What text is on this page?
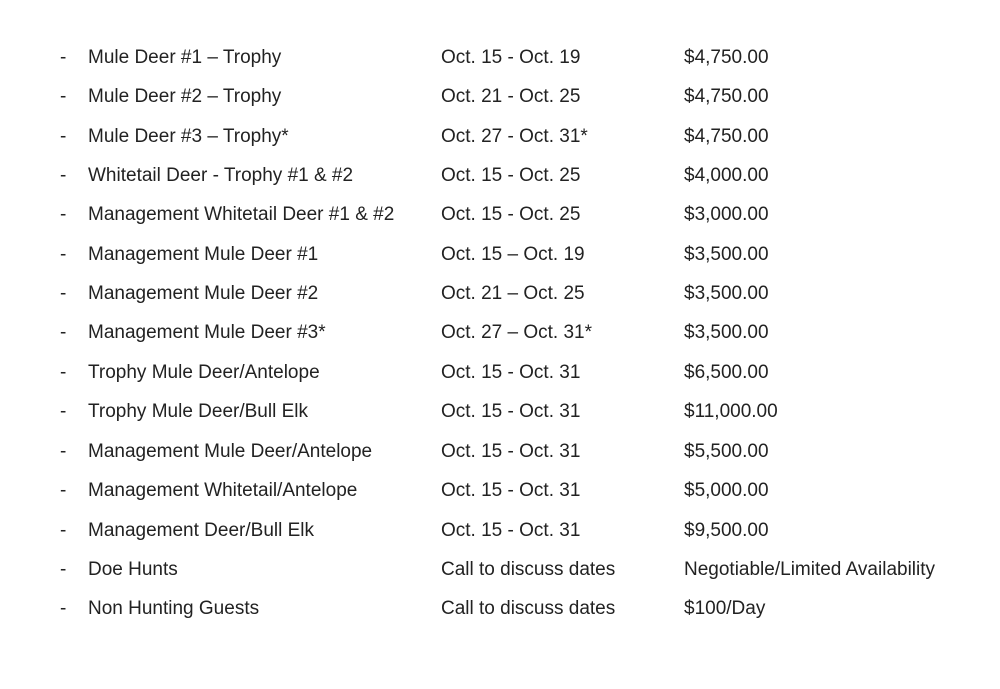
- Mule Deer #1 – Trophy	Oct. 15 - Oct. 19	$4,750.00
- Mule Deer #2 – Trophy	Oct. 21 - Oct. 25	$4,750.00
- Mule Deer #3 – Trophy*	Oct. 27 - Oct. 31*	$4,750.00
- Whitetail Deer - Trophy #1 & #2	Oct. 15 - Oct. 25	$4,000.00
- Management Whitetail Deer #1 & #2 Oct. 15 - Oct. 25	$3,000.00
- Management Mule Deer #1	Oct. 15 – Oct. 19	$3,500.00
- Management Mule Deer #2	Oct. 21 – Oct. 25	$3,500.00
- Management Mule Deer #3*	Oct. 27 – Oct. 31*	$3,500.00
- Trophy Mule Deer/Antelope	Oct. 15 - Oct. 31	$6,500.00
- Trophy Mule Deer/Bull Elk	Oct. 15 - Oct. 31	$11,000.00
- Management Mule Deer/Antelope	Oct. 15 - Oct. 31	$5,500.00
- Management Whitetail/Antelope	Oct. 15 - Oct. 31	$5,000.00
- Management Deer/Bull Elk	Oct. 15 - Oct. 31	$9,500.00
- Doe Hunts	Call to discuss dates	Negotiable/Limited Availability
- Non Hunting Guests	Call to discuss dates	$100/Day
